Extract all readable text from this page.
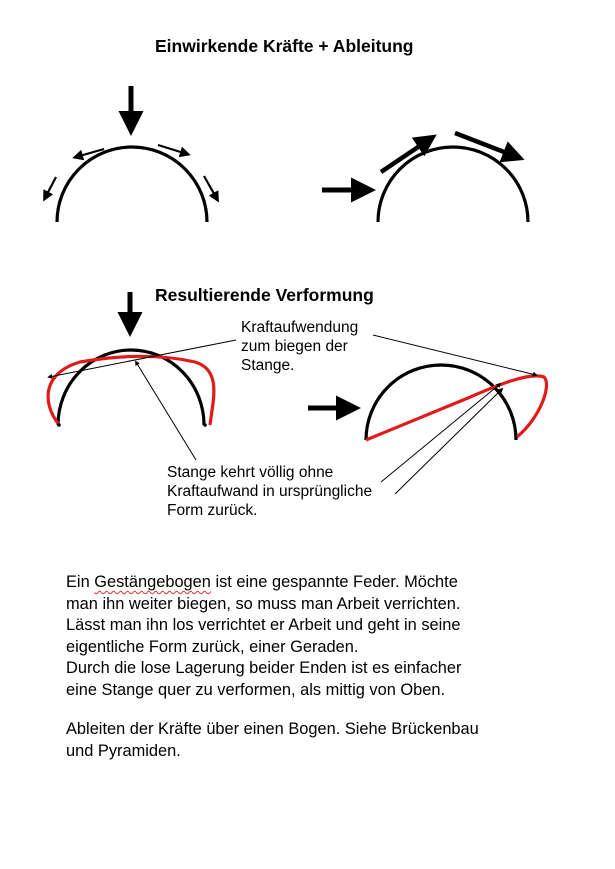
Einwirkende Kräfte + Ableitung
Resultierende Verformung
Kraftaufwendung
zum biegen der
Stange.
Stange kehrt völlig ohne
Kraftaufwand in ursprüngliche
Form zurück.
Ein Gestängebogen ist eine gespannte Feder. Möchte
man ihn weiter biegen, so muss man Arbeit verrichten.
Lässt man ihn los verrichtet er Arbeit und geht in seine
eigentliche Form zurück, einer Geraden.
Durch die lose Lagerung beider Enden ist es einfacher
eine Stange quer zu verformen, als mittig von Oben.
Ableiten der Kräfte über einen Bogen. Siehe Brückenbau
und Pyramiden.
